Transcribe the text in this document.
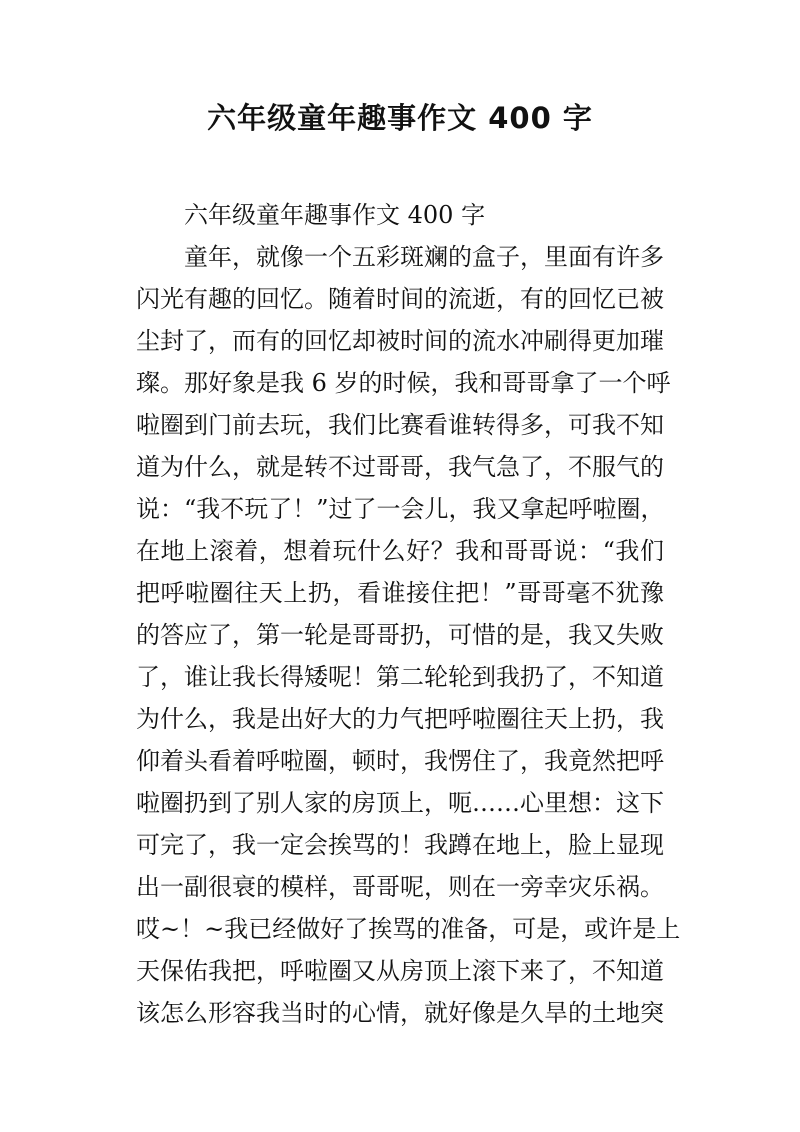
六年级童年趣事作文 400 字
六年级童年趣事作文 400 字
童年，就像一个五彩斑斓的盒子，里面有许多
闪光有趣的回忆。随着时间的流逝，有的回忆已被
尘封了，而有的回忆却被时间的流水冲刷得更加璀
璨。那好象是我 6 岁的时候，我和哥哥拿了一个呼
啦圈到门前去玩，我们比赛看谁转得多，可我不知
道为什么，就是转不过哥哥，我气急了，不服气的
说：“我不玩了！”过了一会儿，我又拿起呼啦圈，
在地上滚着，想着玩什么好？我和哥哥说：“我们
把呼啦圈往天上扔，看谁接住把！”哥哥毫不犹豫
的答应了，第一轮是哥哥扔，可惜的是，我又失败
了，谁让我长得矮呢！第二轮轮到我扔了，不知道
为什么，我是出好大的力气把呼啦圈往天上扔，我
仰着头看着呼啦圈，顿时，我愣住了，我竟然把呼
啦圈扔到了别人家的房顶上，呃……心里想：这下
可完了，我一定会挨骂的！我蹲在地上，脸上显现
出一副很衰的模样，哥哥呢，则在一旁幸灾乐祸。
哎~！~我已经做好了挨骂的准备，可是，或许是上
天保佑我把，呼啦圈又从房顶上滚下来了，不知道
该怎么形容我当时的心情，就好像是久旱的土地突
